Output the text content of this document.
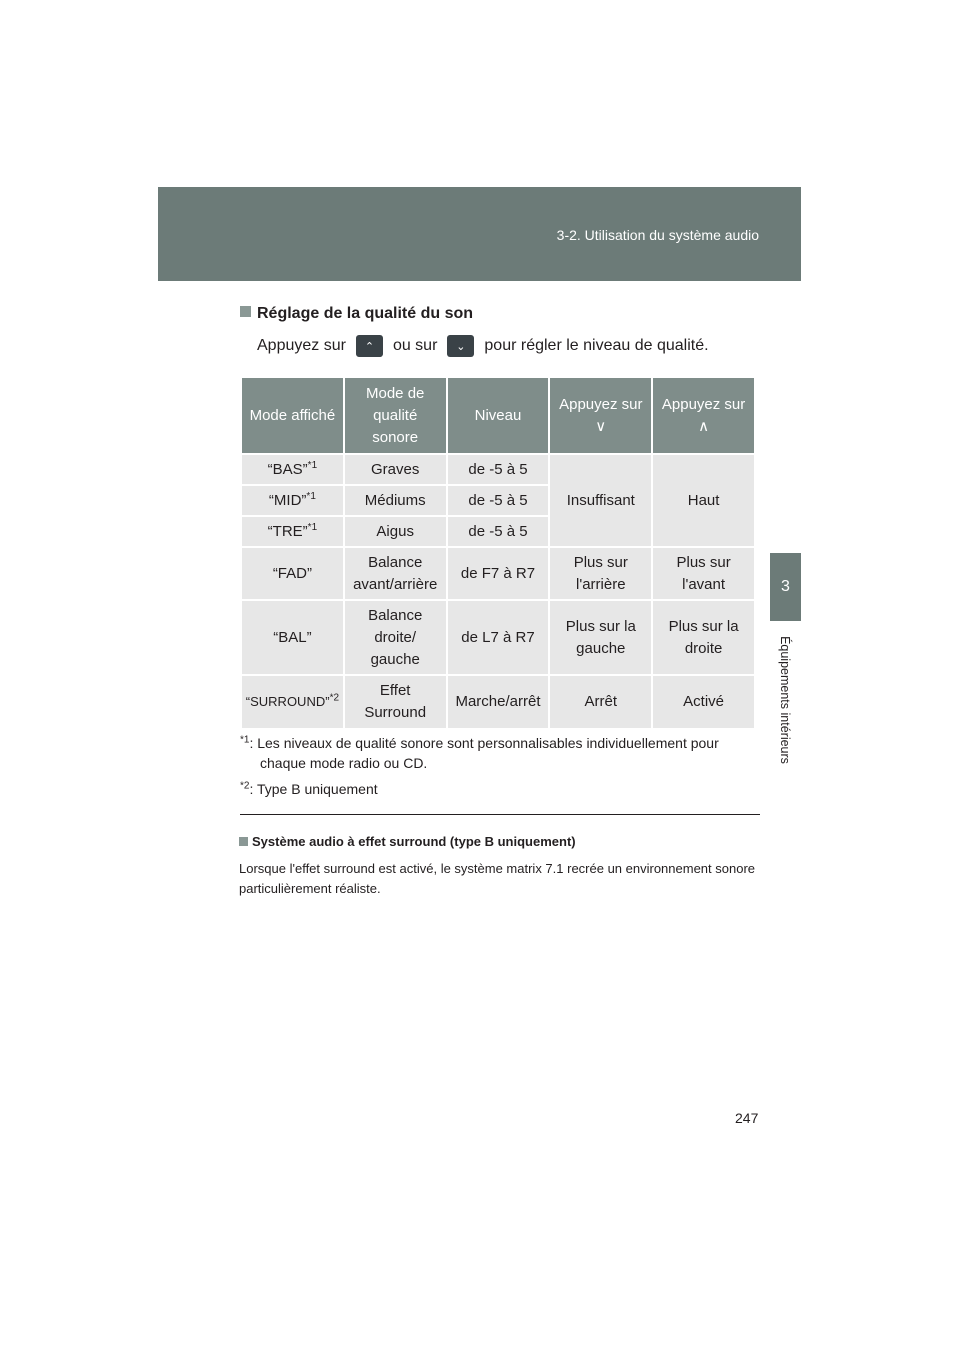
3-2. Utilisation du système audio
3
Équipements intérieurs
Réglage de la qualité du son
Appuyez sur	⌃	ou sur	⌄	pour régler le niveau de qualité.
Mode affiché	Mode de qualité sonore	Niveau	Appuyez sur ∨	Appuyez sur ∧
“BAS”$^{*1}$	Graves	de -5 à 5	Insuffisant	Haut
“MID”$^{*1}$	Médiums	de -5 à 5		
“TRE”$^{*1}$	Aigus	de -5 à 5		
“FAD”	Balance avant/arrière	de F7 à R7	Plus sur l'arrière	Plus sur l'avant
“BAL”	Balance droite/ gauche	de L7 à R7	Plus sur la gauche	Plus sur la droite
“SURROUND”$^{*2}$	Effet Surround	Marche/arrêt	Arrêt	Activé
$^{*1}$: Les niveaux de qualité sonore sont personnalisables individuellement pour
chaque mode radio ou CD.
$^{*2}$: Type B uniquement
Système audio à effet surround (type B uniquement)
Lorsque l'effet surround est activé, le système matrix 7.1 recrée un environnement sonore particulièrement réaliste.
247
